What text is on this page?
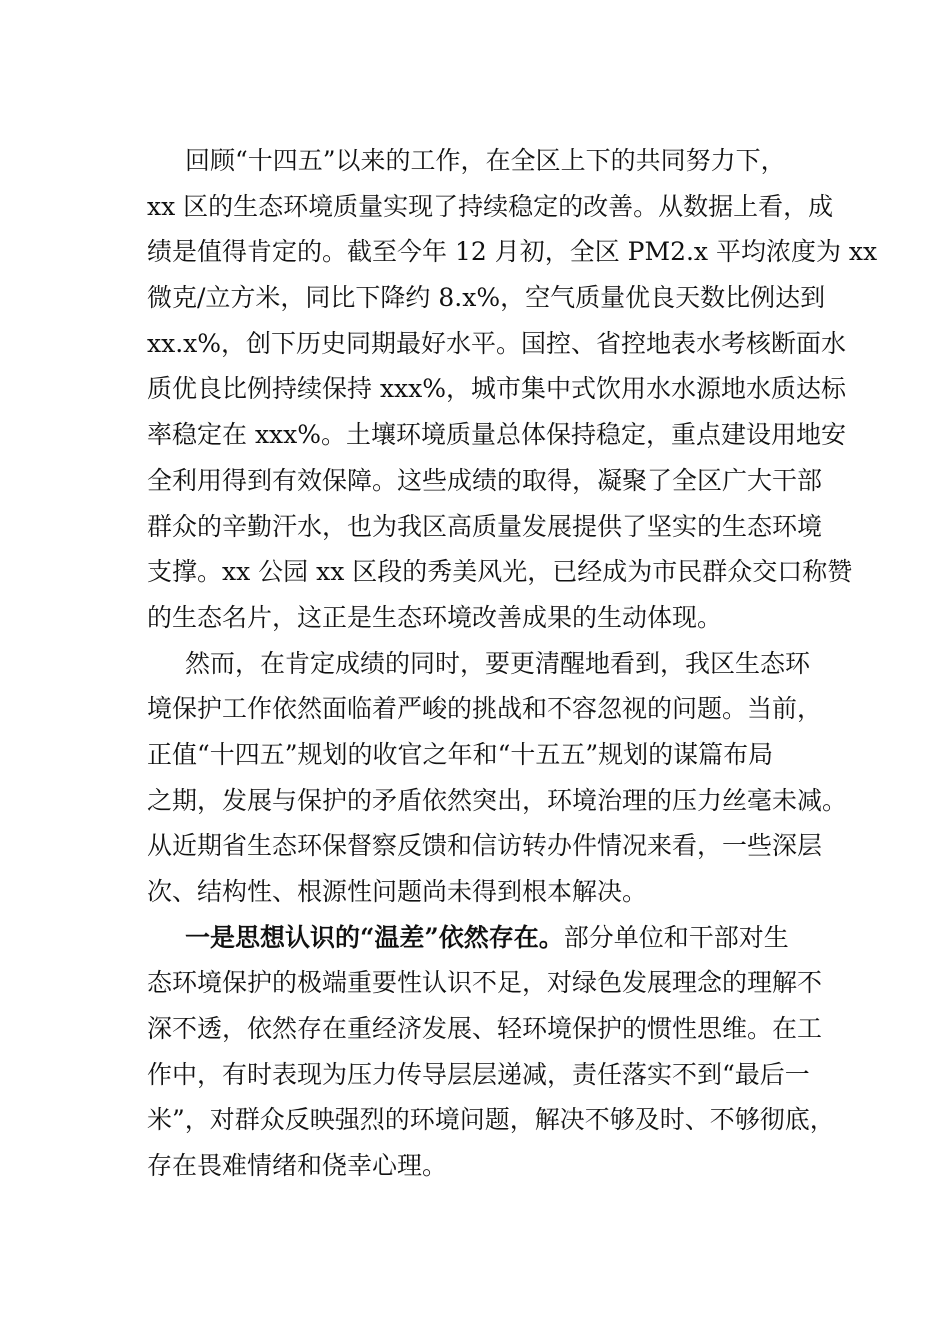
回顾“十四五”以来的工作，在全区上下的共同努力下，
xx 区的生态环境质量实现了持续稳定的改善。从数据上看，成
绩是值得肯定的。截至今年 12 月初，全区 PM2.x 平均浓度为 xx
微克/立方米，同比下降约 8.x%，空气质量优良天数比例达到
xx.x%，创下历史同期最好水平。国控、省控地表水考核断面水
质优良比例持续保持 xxx%，城市集中式饮用水水源地水质达标
率稳定在 xxx%。土壤环境质量总体保持稳定，重点建设用地安
全利用得到有效保障。这些成绩的取得，凝聚了全区广大干部
群众的辛勤汗水，也为我区高质量发展提供了坚实的生态环境
支撑。xx 公园 xx 区段的秀美风光，已经成为市民群众交口称赞
的生态名片，这正是生态环境改善成果的生动体现。
然而，在肯定成绩的同时，要更清醒地看到，我区生态环
境保护工作依然面临着严峻的挑战和不容忽视的问题。当前，
正值“十四五”规划的收官之年和“十五五”规划的谋篇布局
之期，发展与保护的矛盾依然突出，环境治理的压力丝毫未减。
从近期省生态环保督察反馈和信访转办件情况来看，一些深层
次、结构性、根源性问题尚未得到根本解决。
一是思想认识的“温差”依然存在。部分单位和干部对生
态环境保护的极端重要性认识不足，对绿色发展理念的理解不
深不透，依然存在重经济发展、轻环境保护的惯性思维。在工
作中，有时表现为压力传导层层递减，责任落实不到“最后一
米”，对群众反映强烈的环境问题，解决不够及时、不够彻底，
存在畏难情绪和侥幸心理。
